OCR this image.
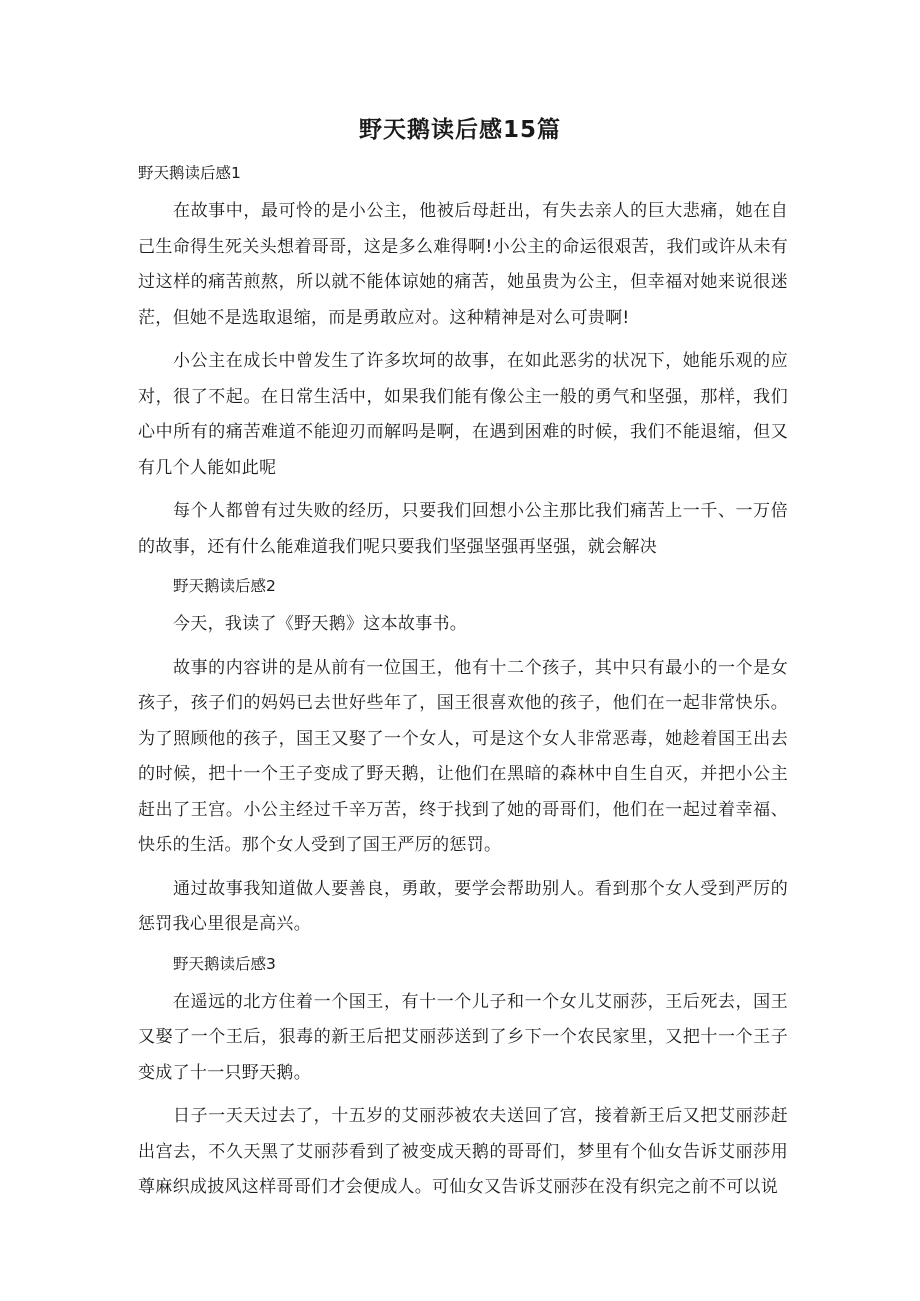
野天鹅读后感15篇
野天鹅读后感1

在故事中，最可怜的是小公主，他被后母赶出，有失去亲人的巨大悲痛，她在自己生命得生死关头想着哥哥，这是多么难得啊!小公主的命运很艰苦，我们或许从未有过这样的痛苦煎熬，所以就不能体谅她的痛苦，她虽贵为公主，但幸福对她来说很迷茫，但她不是选取退缩，而是勇敢应对。这种精神是对么可贵啊!

小公主在成长中曾发生了许多坎坷的故事，在如此恶劣的状况下，她能乐观的应对，很了不起。在日常生活中，如果我们能有像公主一般的勇气和坚强，那样，我们心中所有的痛苦难道不能迎刃而解吗是啊，在遇到困难的时候，我们不能退缩，但又有几个人能如此呢

每个人都曾有过失败的经历，只要我们回想小公主那比我们痛苦上一千、一万倍的故事，还有什么能难道我们呢只要我们坚强坚强再坚强，就会解决

野天鹅读后感2

今天，我读了《野天鹅》这本故事书。

故事的内容讲的是从前有一位国王，他有十二个孩子，其中只有最小的一个是女孩子，孩子们的妈妈已去世好些年了，国王很喜欢他的孩子，他们在一起非常快乐。为了照顾他的孩子，国王又娶了一个女人，可是这个女人非常恶毒，她趁着国王出去的时候，把十一个王子变成了野天鹅，让他们在黑暗的森林中自生自灭，并把小公主赶出了王宫。小公主经过千辛万苦，终于找到了她的哥哥们，他们在一起过着幸福、快乐的生活。那个女人受到了国王严厉的惩罚。

通过故事我知道做人要善良，勇敢，要学会帮助别人。看到那个女人受到严厉的惩罚我心里很是高兴。

野天鹅读后感3

在遥远的北方住着一个国王，有十一个儿子和一个女儿艾丽莎，王后死去，国王又娶了一个王后，狠毒的新王后把艾丽莎送到了乡下一个农民家里，又把十一个王子变成了十一只野天鹅。

日子一天天过去了，十五岁的艾丽莎被农夫送回了宫，接着新王后又把艾丽莎赶出宫去，不久天黑了艾丽莎看到了被变成天鹅的哥哥们，梦里有个仙女告诉艾丽莎用尊麻织成披风这样哥哥们才会便成人。可仙女又告诉艾丽莎在没有织完之前不可以说
